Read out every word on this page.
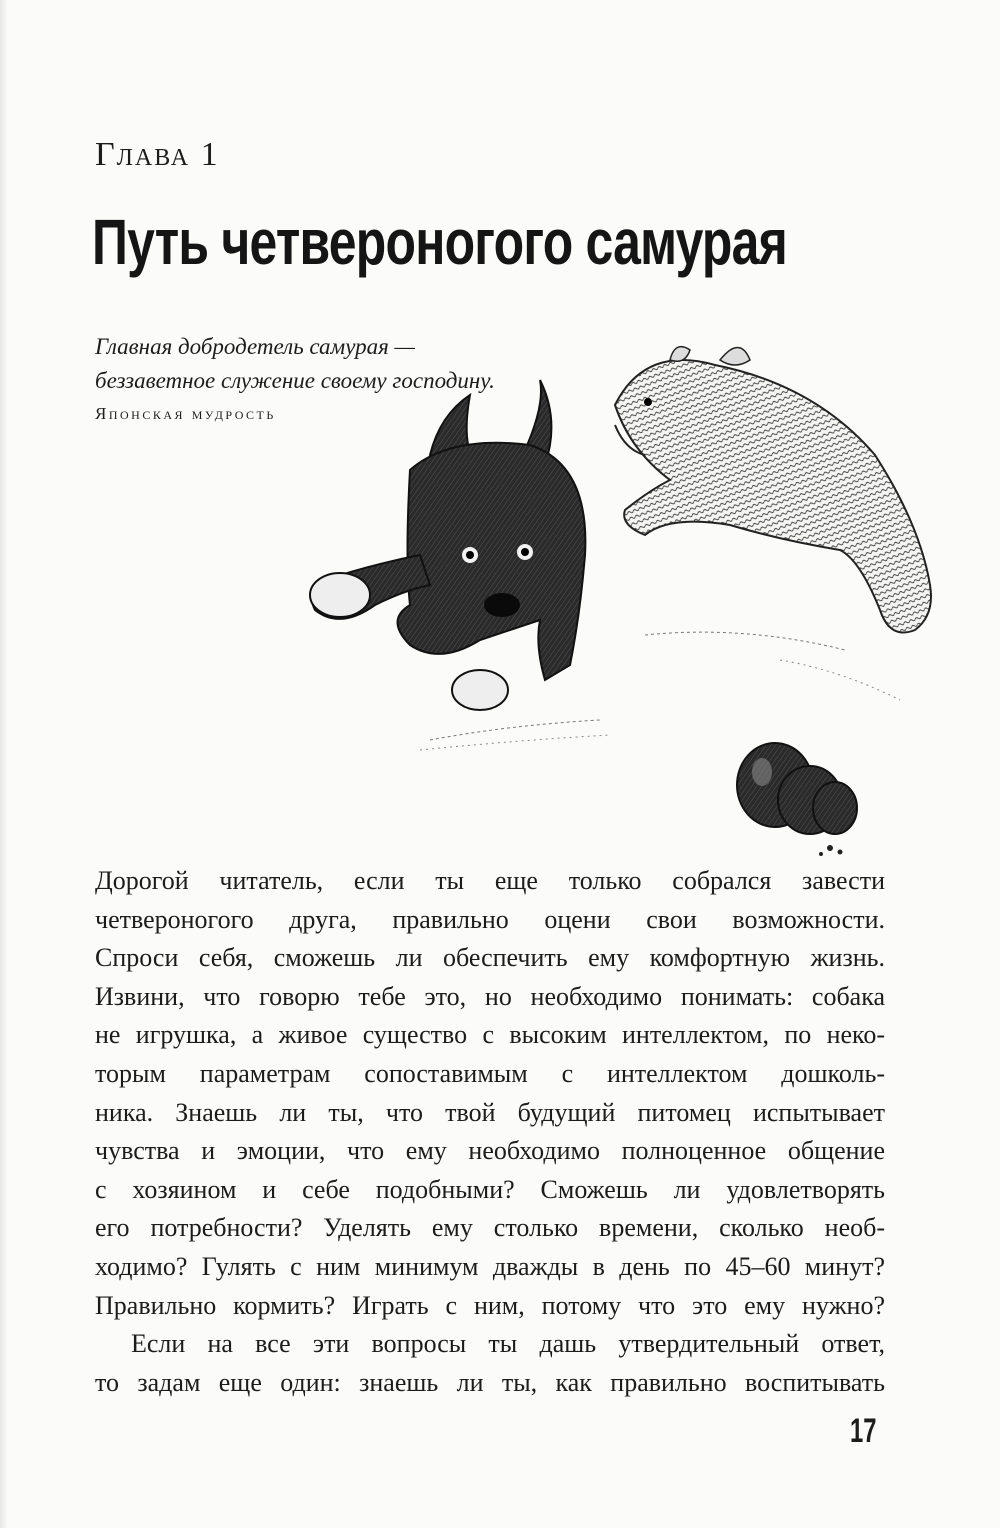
Глава 1
Путь четвероногого самурая
Главная добродетель самурая —
беззаветное служение своему господину.
Японская мудрость
Дорогой читатель, если ты еще только собрался завести
четвероногого друга, правильно оцени свои возможности.
Спроси себя, сможешь ли обеспечить ему комфортную жизнь.
Извини, что говорю тебе это, но необходимо понимать: собака
не игрушка, а живое существо с высоким интеллектом, по неко-
торым параметрам сопоставимым с интеллектом дошколь-
ника. Знаешь ли ты, что твой будущий питомец испытывает
чувства и эмоции, что ему необходимо полноценное общение
с хозяином и себе подобными? Сможешь ли удовлетворять
его потребности? Уделять ему столько времени, сколько необ-
ходимо? Гулять с ним минимум дважды в день по 45–60 минут?
Правильно кормить? Играть с ним, потому что это ему нужно?
Если на все эти вопросы ты дашь утвердительный ответ,
то задам еще один: знаешь ли ты, как правильно воспитывать
17
